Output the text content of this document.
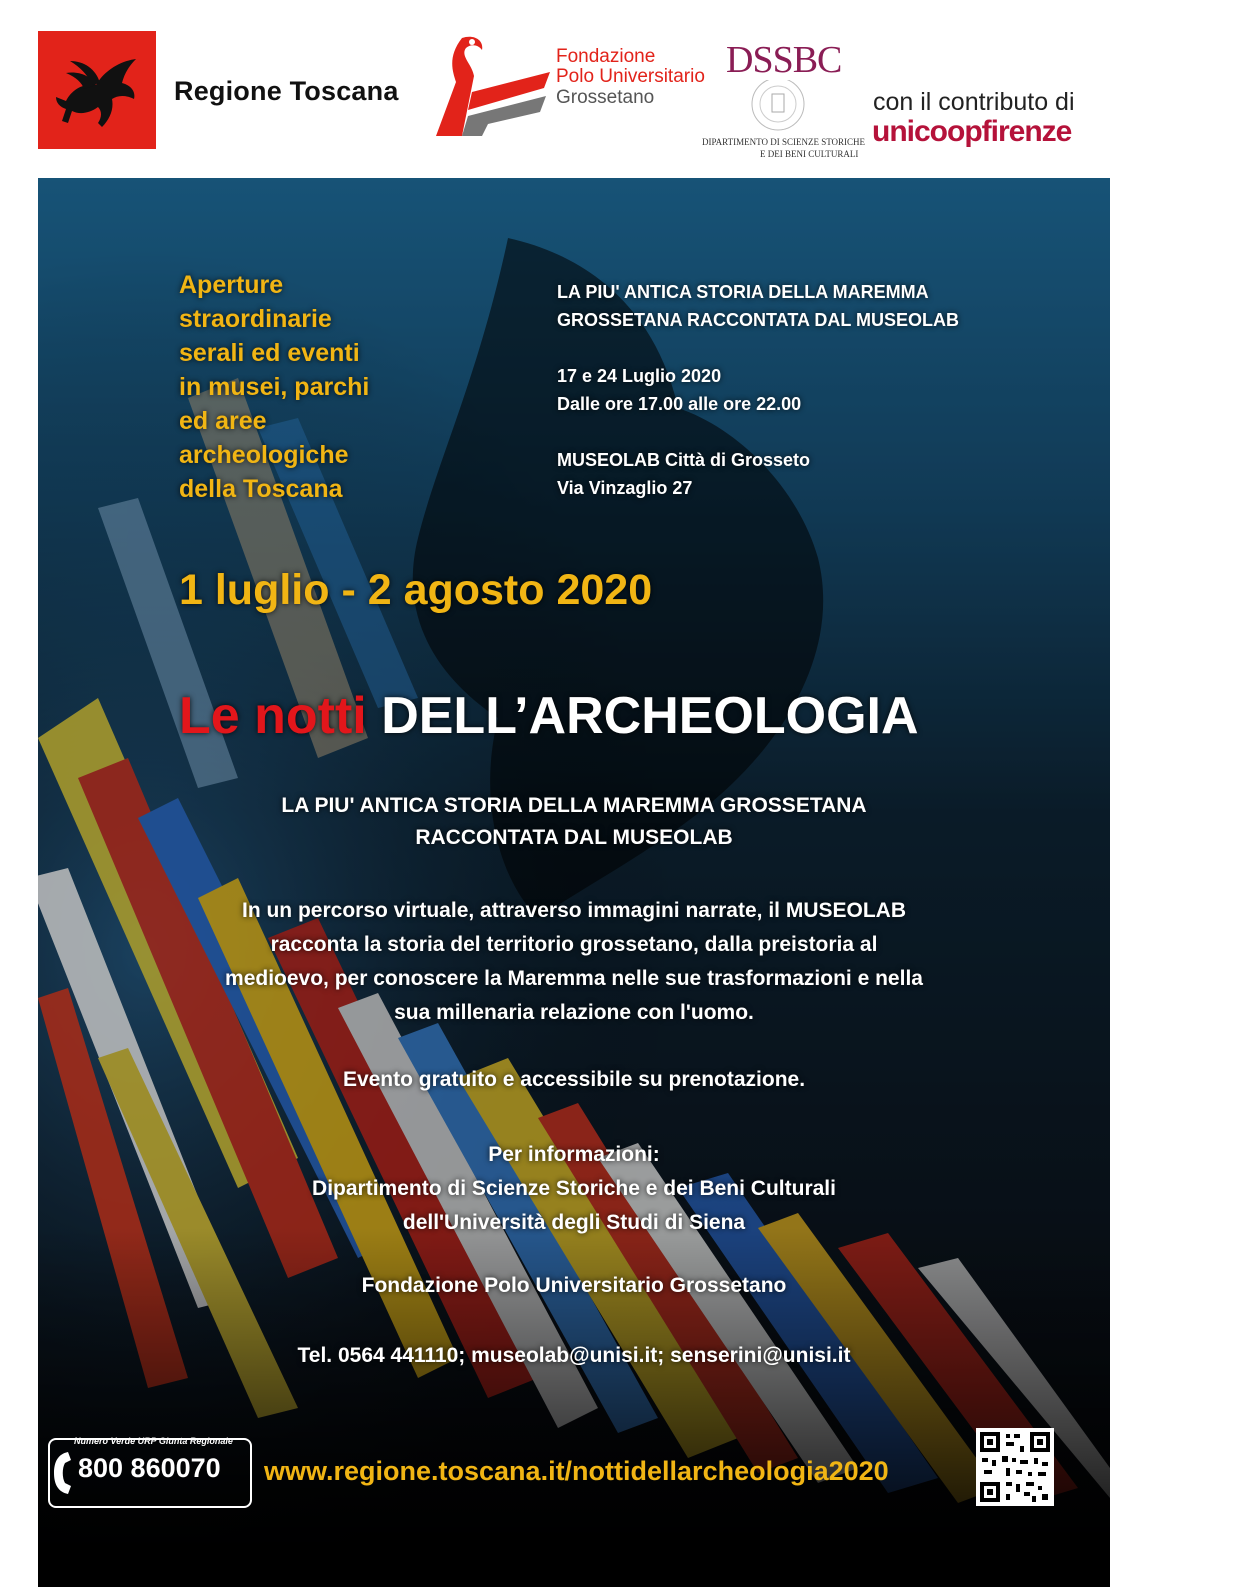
Regione Toscana
Fondazione
Polo Universitario
Grossetano
DSSBC
DIPARTIMENTO DI SCIENZE STORICHE
E DEI BENI CULTURALI
con il contributo di
unicoopfirenze
Aperture
straordinarie
serali ed eventi
in musei, parchi
ed aree
archeologiche
della Toscana
LA PIU' ANTICA STORIA DELLA MAREMMA
GROSSETANA RACCONTATA DAL MUSEOLAB
17 e 24 Luglio 2020
Dalle ore 17.00 alle ore 22.00
MUSEOLAB Città di Grosseto
Via Vinzaglio 27
1 luglio - 2 agosto 2020
Le notti DELL’ARCHEOLOGIA
LA PIU' ANTICA STORIA DELLA MAREMMA GROSSETANA
RACCONTATA DAL MUSEOLAB
In un percorso virtuale, attraverso immagini narrate, il MUSEOLAB
racconta la storia del territorio grossetano, dalla preistoria al
medioevo, per conoscere la Maremma nelle sue trasformazioni e nella
sua millenaria relazione con l'uomo.
Evento gratuito e accessibile su prenotazione.
Per informazioni:
Dipartimento di Scienze Storiche e dei Beni Culturali
dell'Università degli Studi di Siena
Fondazione Polo Universitario Grossetano
Tel. 0564 441110; museolab@unisi.it; senserini@unisi.it
Numero Verde URP Giunta Regionale
800 860070 www.regione.toscana.it/nottidellarcheologia2020
